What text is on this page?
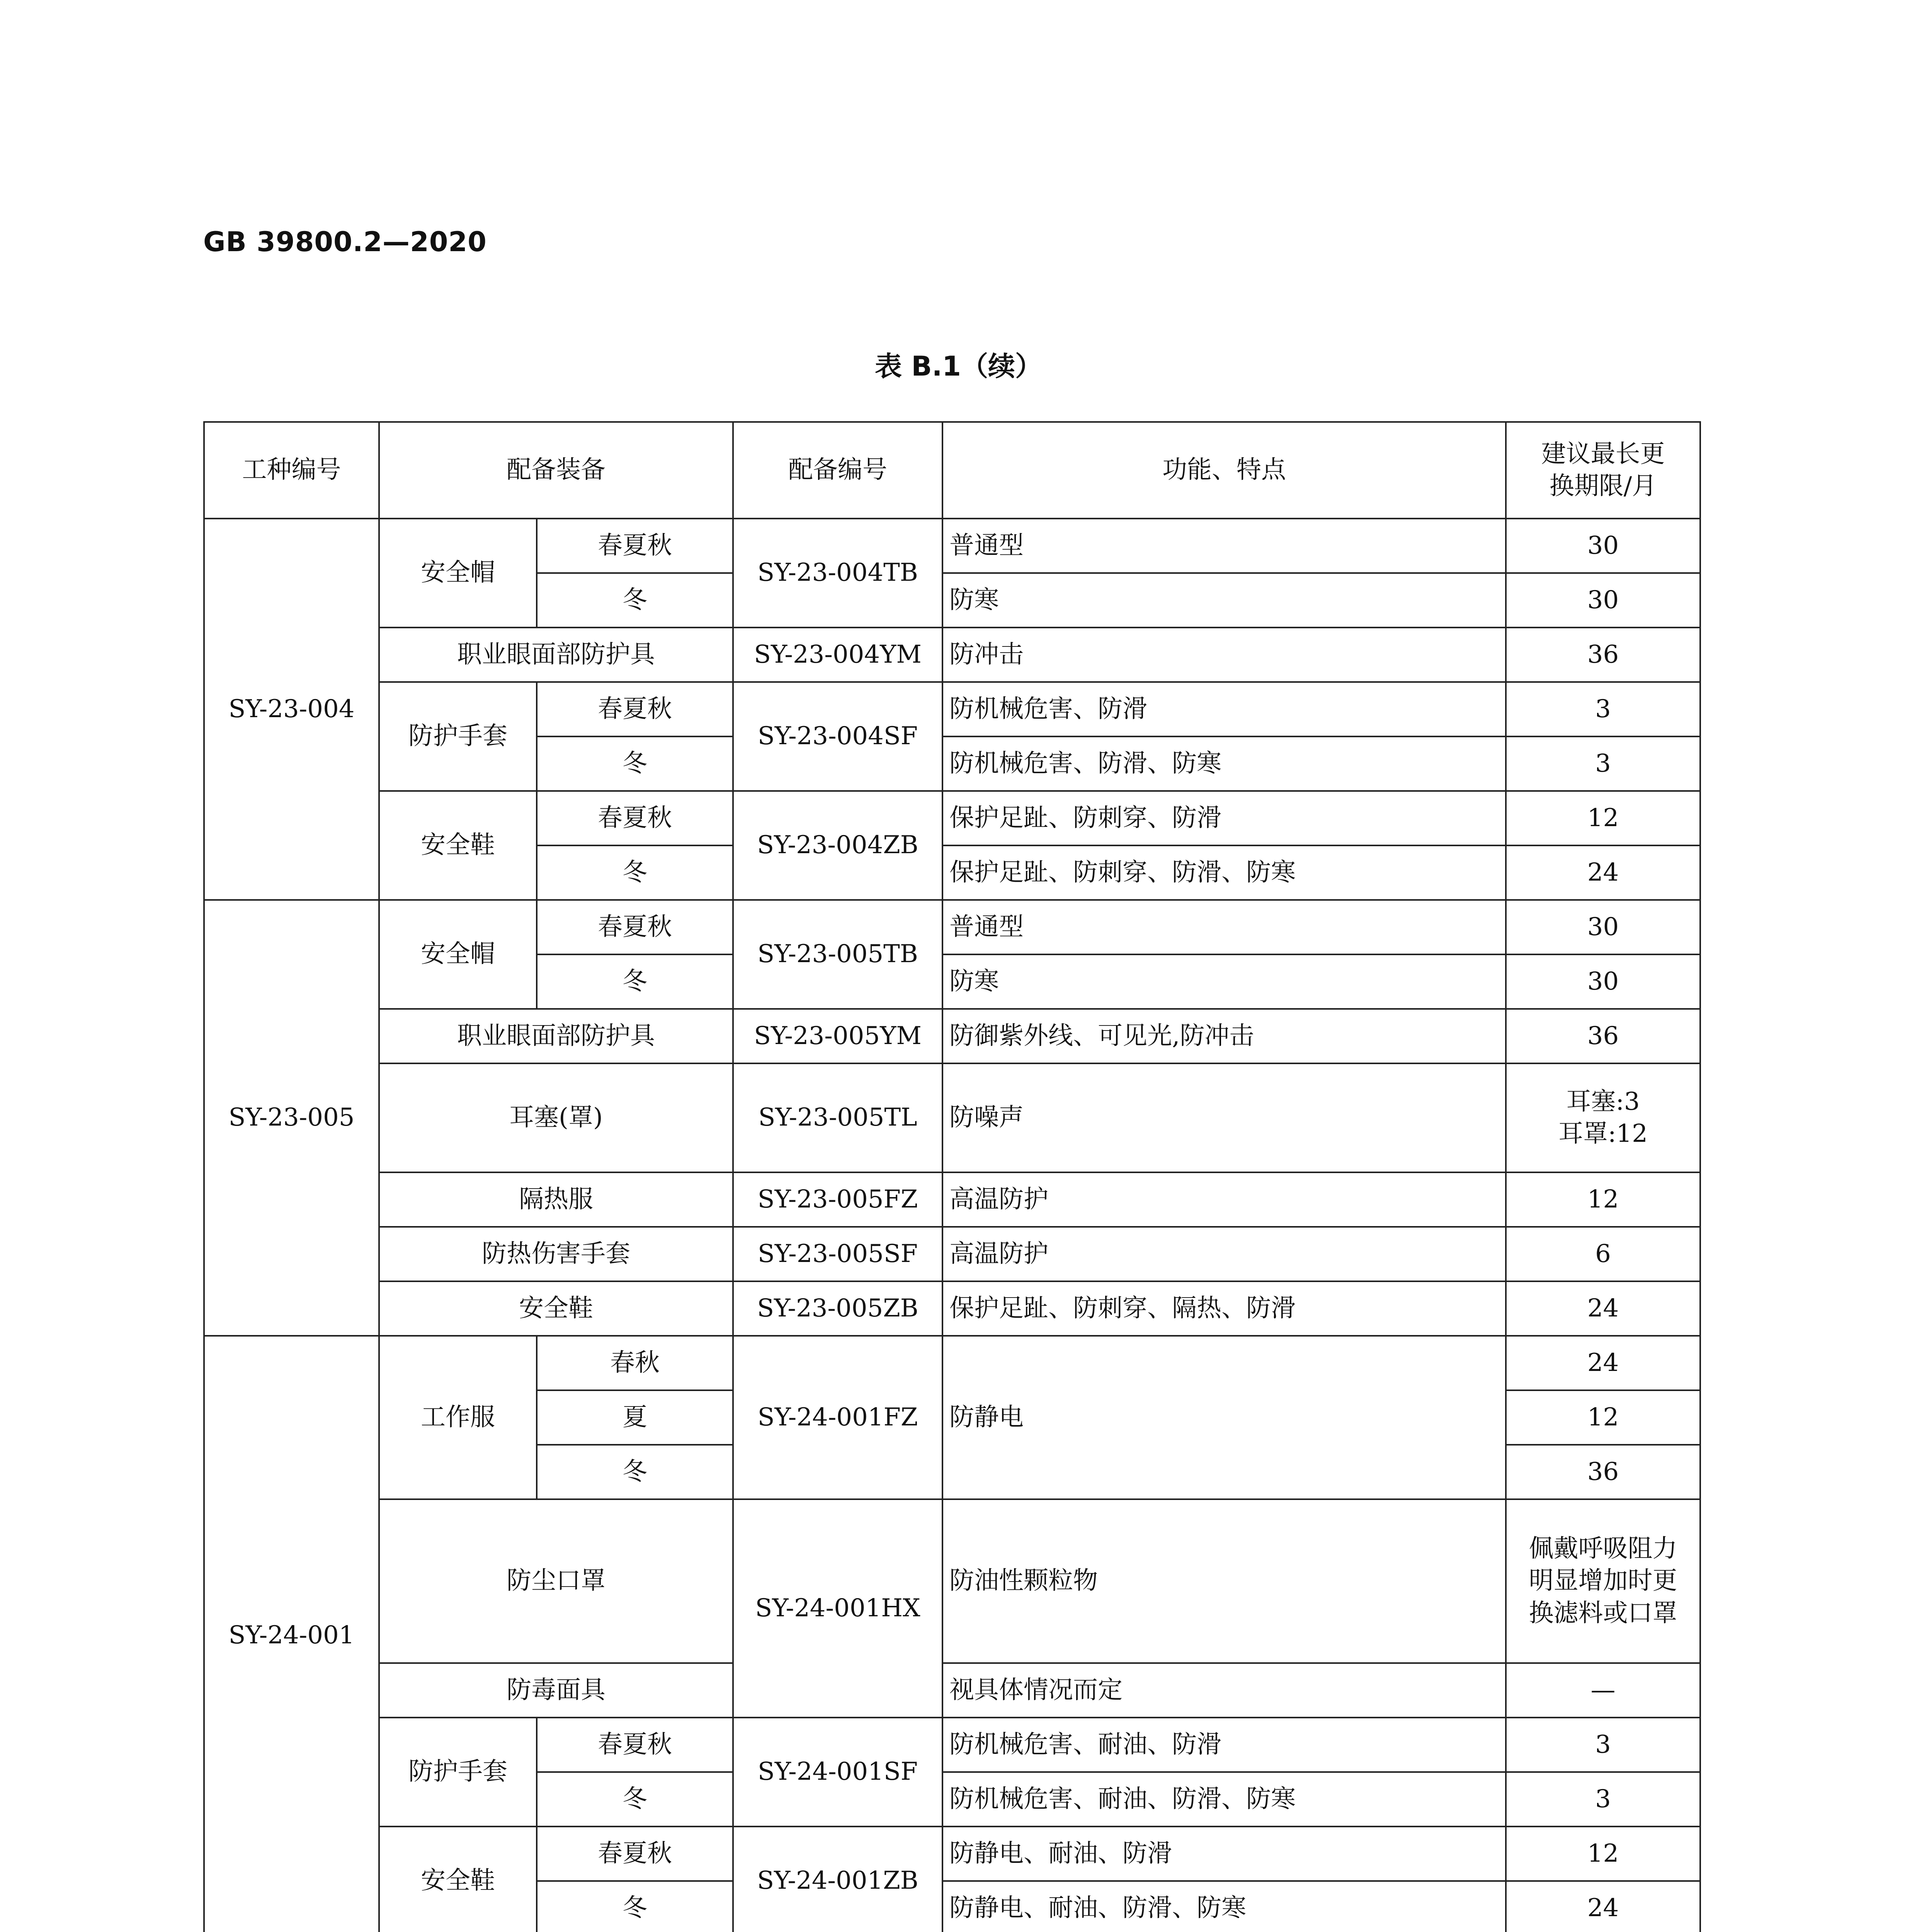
GB 39800.2—2020
表 B.1（续）
工种编号	配备装备		配备编号	功能、特点	建议最长更
换期限/月
SY-23-004	安全帽	春夏秋	SY-23-004TB	普通型	30
		冬		防寒	30
	职业眼面部防护具		SY-23-004YM	防冲击	36
	防护手套	春夏秋	SY-23-004SF	防机械危害、防滑	3
		冬		防机械危害、防滑、防寒	3
	安全鞋	春夏秋	SY-23-004ZB	保护足趾、防刺穿、防滑	12
		冬		保护足趾、防刺穿、防滑、防寒	24
SY-23-005	安全帽	春夏秋	SY-23-005TB	普通型	30
		冬		防寒	30
	职业眼面部防护具		SY-23-005YM	防御紫外线、可见光,防冲击	36
	耳塞(罩)		SY-23-005TL	防噪声	耳塞:3
耳罩:12
	隔热服		SY-23-005FZ	高温防护	12
	防热伤害手套		SY-23-005SF	高温防护	6
	安全鞋		SY-23-005ZB	保护足趾、防刺穿、隔热、防滑	24

SY-24-001	工作服	春秋	SY-24-001FZ	防静电	24
		夏			12
		冬			36
	防尘口罩		SY-24-001HX	防油性颗粒物	佩戴呼吸阻力
明显增加时更
换滤料或口罩
	防毒面具			视具体情况而定	—
	防护手套	春夏秋	SY-24-001SF	防机械危害、耐油、防滑	3
		冬		防机械危害、耐油、防滑、防寒	3
	安全鞋	春夏秋	SY-24-001ZB	防静电、耐油、防滑	12
		冬		防静电、耐油、防滑、防寒	24
